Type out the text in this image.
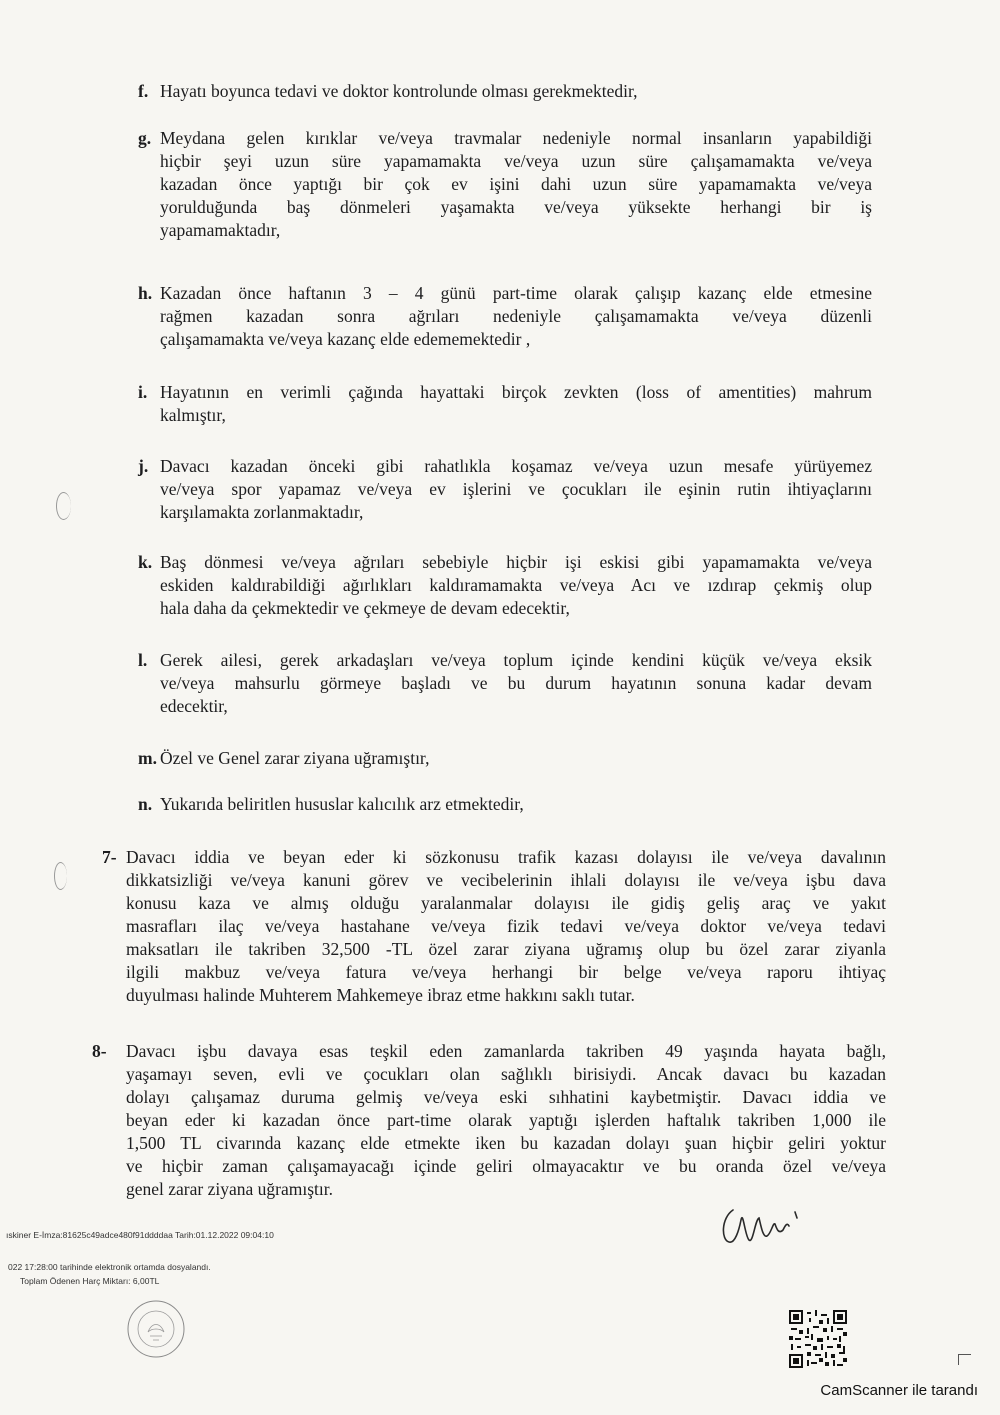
f. Hayatı boyunca tedavi ve doktor kontrolunde olması gerekmektedir,
g. Meydana gelen kırıklar ve/veya travmalar nedeniyle normal insanların yapabildiği
hiçbir şeyi uzun süre yapamamakta ve/veya uzun süre çalışamamakta ve/veya
kazadan önce yaptığı bir çok ev işini dahi uzun süre yapamamakta ve/veya
yorulduğunda baş dönmeleri yaşamakta ve/veya yüksekte herhangi bir iş
yapamamaktadır,
h. Kazadan önce haftanın 3 – 4 günü part-time olarak çalışıp kazanç elde etmesine
rağmen kazadan sonra ağrıları nedeniyle çalışamamakta ve/veya düzenli
çalışamamakta ve/veya kazanç elde edememektedir ,
i. Hayatının en verimli çağında hayattaki birçok zevkten (loss of amentities) mahrum
kalmıştır,
j. Davacı kazadan önceki gibi rahatlıkla koşamaz ve/veya uzun mesafe yürüyemez
ve/veya spor yapamaz ve/veya ev işlerini ve çocukları ile eşinin rutin ihtiyaçlarını
karşılamakta zorlanmaktadır,
k. Baş dönmesi ve/veya ağrıları sebebiyle hiçbir işi eskisi gibi yapamamakta ve/veya
eskiden kaldırabildiği ağırlıkları kaldıramamakta ve/veya Acı ve ızdırap çekmiş olup
hala daha da çekmektedir ve çekmeye de devam edecektir,
l. Gerek ailesi, gerek arkadaşları ve/veya toplum içinde kendini küçük ve/veya eksik
ve/veya mahsurlu görmeye başladı ve bu durum hayatının sonuna kadar devam
edecektir,
m. Özel ve Genel zarar ziyana uğramıştır,
n. Yukarıda beliritlen hususlar kalıcılık arz etmektedir,
7- Davacı iddia ve beyan eder ki sözkonusu trafik kazası dolayısı ile ve/veya davalının
dikkatsizliği ve/veya kanuni görev ve vecibelerinin ihlali dolayısı ile ve/veya işbu dava
konusu kaza ve almış olduğu yaralanmalar dolayısı ile gidiş geliş araç ve yakıt
masrafları ilaç ve/veya hastahane ve/veya fizik tedavi ve/veya doktor ve/veya tedavi
maksatları ile takriben 32,500 -TL özel zarar ziyana uğramış olup bu özel zarar ziyanla
ilgili makbuz ve/veya fatura ve/veya herhangi bir belge ve/veya raporu ihtiyaç
duyulması halinde Muhterem Mahkemeye ibraz etme hakkını saklı tutar.
8-	Davacı işbu davaya esas teşkil eden zamanlarda takriben 49 yaşında hayata bağlı,
yaşamayı seven, evli ve çocukları olan sağlıklı birisiydi. Ancak davacı bu kazadan
dolayı çalışamaz duruma gelmiş ve/veya eski sıhhatini kaybetmiştir. Davacı iddia ve
beyan eder ki kazadan önce part-time olarak yaptığı işlerden haftalık takriben 1,000 ile
1,500 TL civarında kazanç elde etmekte iken bu kazadan dolayı şuan hiçbir geliri yoktur
ve hiçbir zaman çalışamayacağı içinde geliri olmayacaktır ve bu oranda özel ve/veya
genel zarar ziyana uğramıştır.
ıskiner E-İmza:81625c49adce480f91ddddaa Tarih:01.12.2022 09:04:10
022 17:28:00 tarihinde elektronik ortamda dosyalandı.
Toplam Ödenen Harç Miktarı: 6,00TL
CamScanner ile tarandı
